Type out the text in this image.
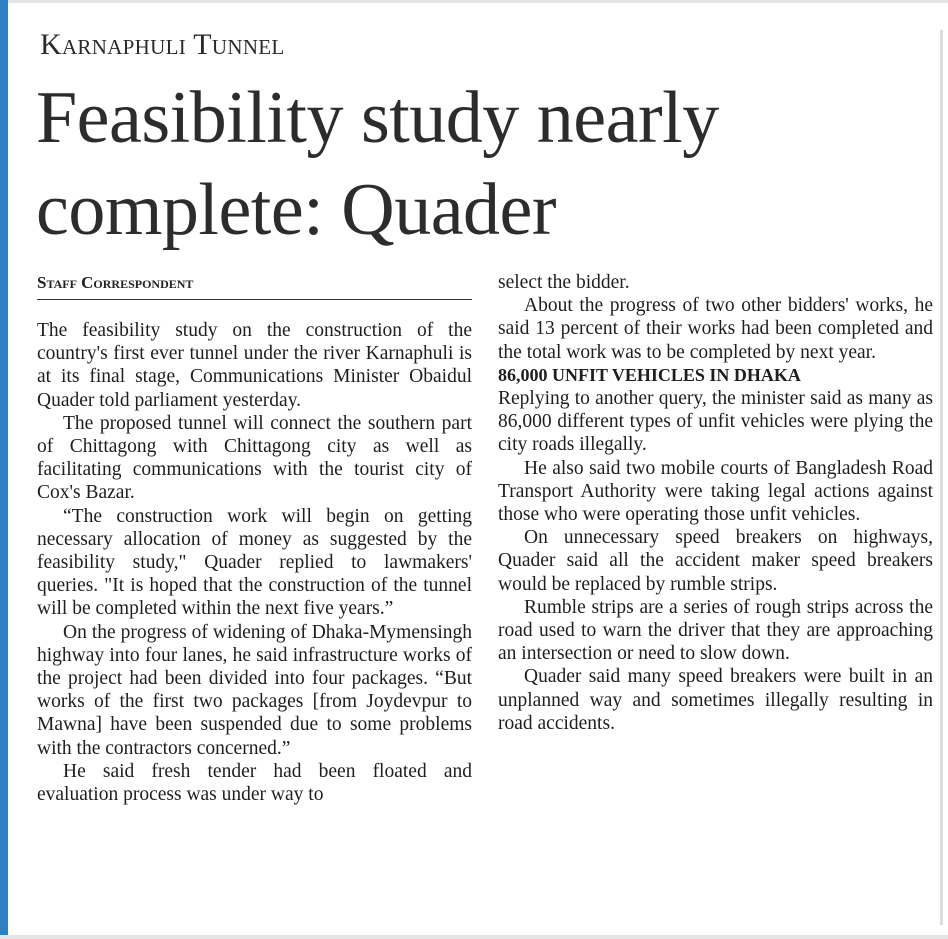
Karnaphuli Tunnel
Feasibility study nearly complete: Quader
Staff Correspondent

The feasibility study on the construction of the country's first ever tunnel under the river Karnaphuli is at its final stage, Communications Minister Obaidul Quader told parliament yesterday.

The proposed tunnel will connect the southern part of Chittagong with Chittagong city as well as facilitating communications with the tourist city of Cox's Bazar.

“The construction work will begin on getting necessary allocation of money as suggested by the feasibility study," Quader replied to lawmakers' queries. "It is hoped that the construction of the tunnel will be completed within the next five years.”

On the progress of widening of Dhaka-Mymensingh highway into four lanes, he said infrastructure works of the project had been divided into four packages. “But works of the first two packages [from Joydevpur to Mawna] have been suspended due to some problems with the contractors concerned.”

He said fresh tender had been floated and evaluation process was under way to

select the bidder.

About the progress of two other bidders' works, he said 13 percent of their works had been completed and the total work was to be completed by next year.

86,000 UNFIT VEHICLES IN DHAKA

Replying to another query, the minister said as many as 86,000 different types of unfit vehicles were plying the city roads illegally.

He also said two mobile courts of Bangladesh Road Transport Authority were taking legal actions against those who were operating those unfit vehicles.

On unnecessary speed breakers on highways, Quader said all the accident maker speed breakers would be replaced by rumble strips.

Rumble strips are a series of rough strips across the road used to warn the driver that they are approaching an intersection or need to slow down.

Quader said many speed breakers were built in an unplanned way and sometimes illegally resulting in road accidents.
